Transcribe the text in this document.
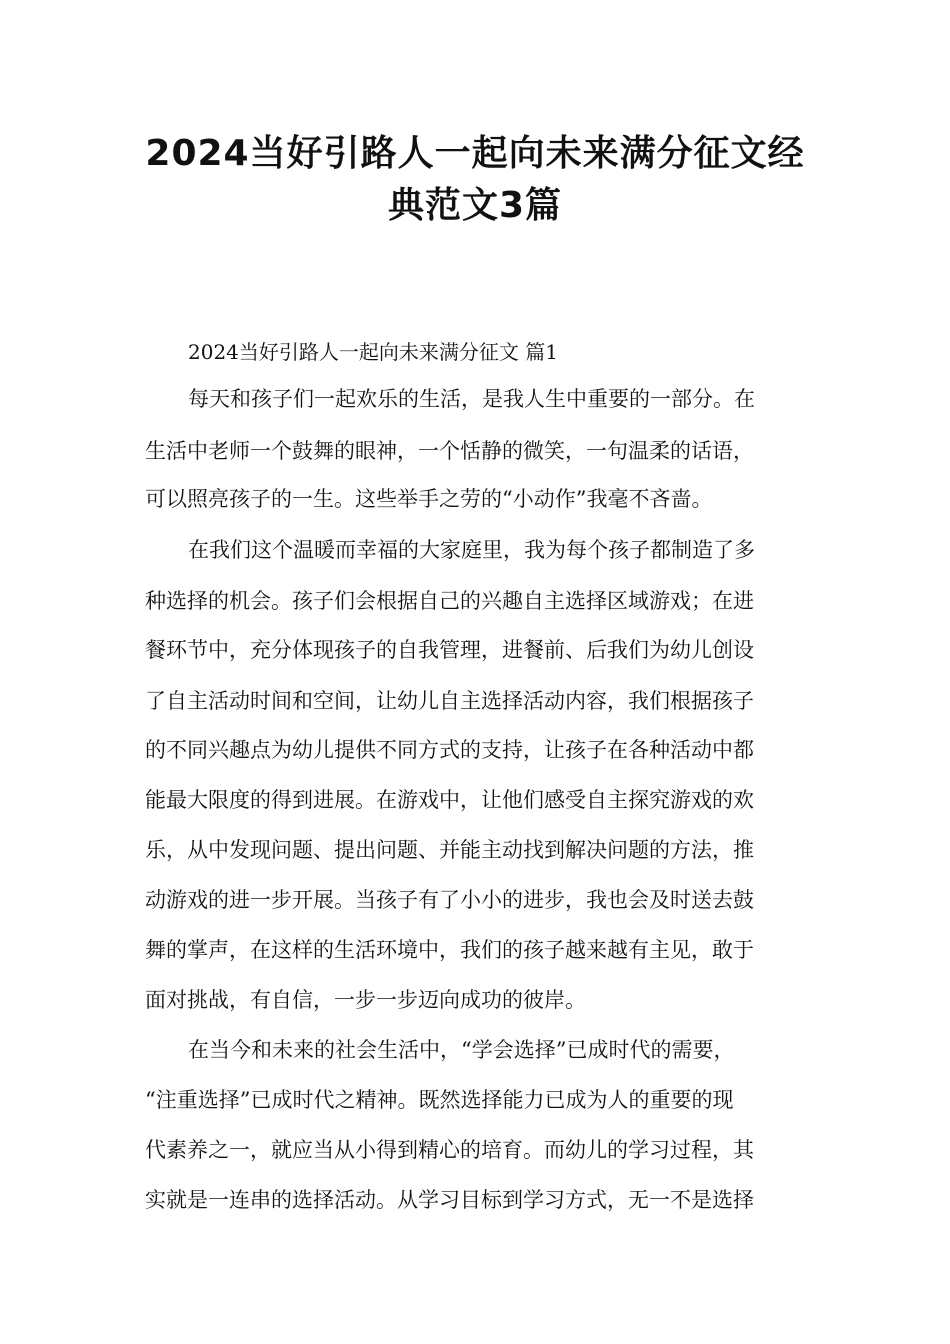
2024当好引路人一起向未来满分征文经
典范文3篇
2024当好引路人一起向未来满分征文 篇1

每天和孩子们一起欢乐的生活，是我人生中重要的一部分。在

生活中老师一个鼓舞的眼神，一个恬静的微笑，一句温柔的话语，

可以照亮孩子的一生。这些举手之劳的“小动作”我毫不吝啬。

在我们这个温暖而幸福的大家庭里，我为每个孩子都制造了多

种选择的机会。孩子们会根据自己的兴趣自主选择区域游戏；在进

餐环节中，充分体现孩子的自我管理，进餐前、后我们为幼儿创设

了自主活动时间和空间，让幼儿自主选择活动内容，我们根据孩子

的不同兴趣点为幼儿提供不同方式的支持，让孩子在各种活动中都

能最大限度的得到进展。在游戏中，让他们感受自主探究游戏的欢

乐，从中发现问题、提出问题、并能主动找到解决问题的方法，推

动游戏的进一步开展。当孩子有了小小的进步，我也会及时送去鼓

舞的掌声，在这样的生活环境中，我们的孩子越来越有主见，敢于

面对挑战，有自信，一步一步迈向成功的彼岸。

在当今和未来的社会生活中，“学会选择”已成时代的需要，

“注重选择”已成时代之精神。既然选择能力已成为人的重要的现

代素养之一，就应当从小得到精心的培育。而幼儿的学习过程，其

实就是一连串的选择活动。从学习目标到学习方式，无一不是选择
